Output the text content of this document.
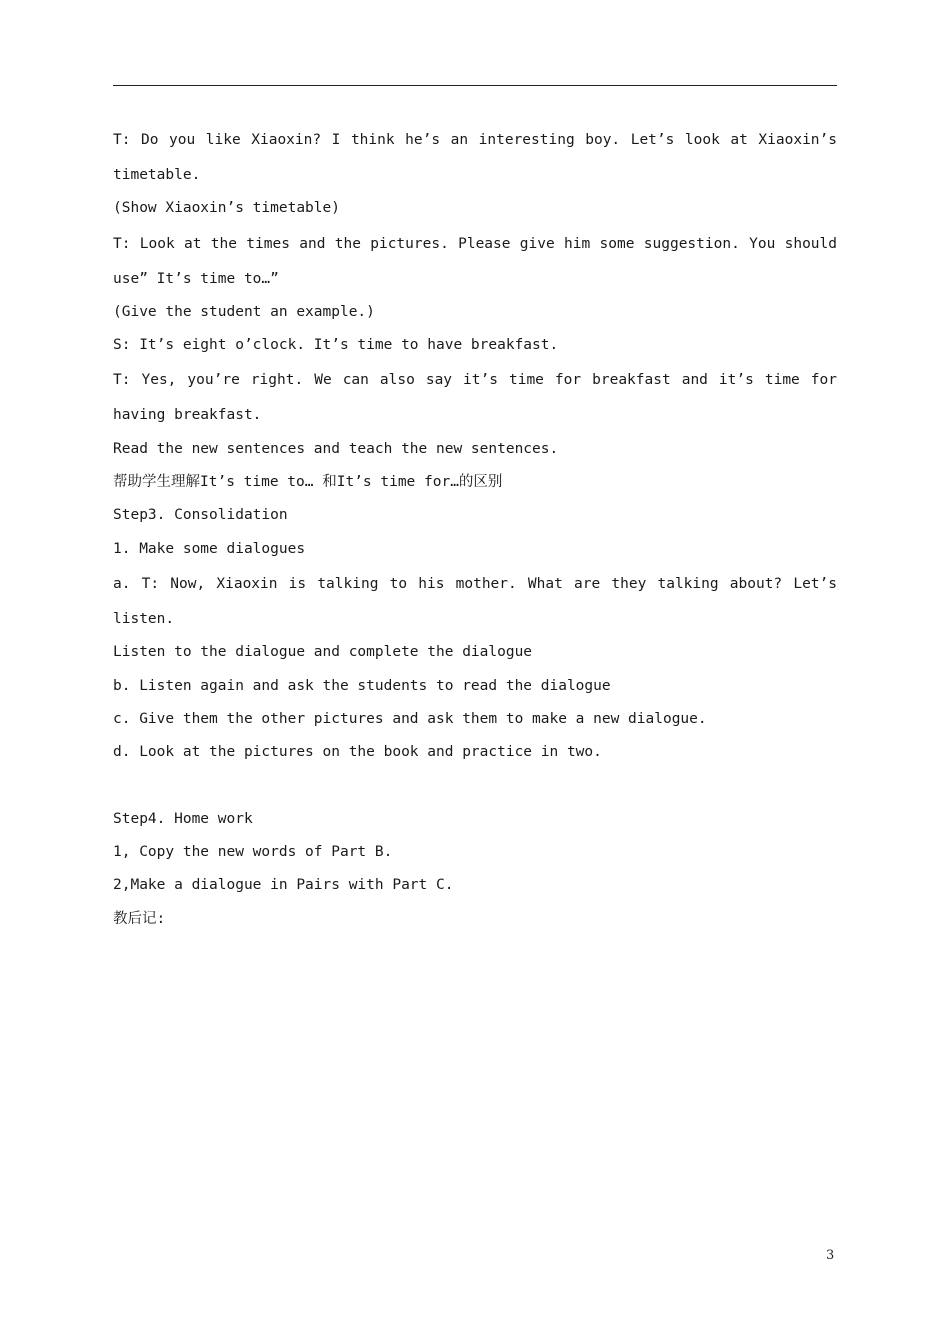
T: Do you like Xiaoxin? I think he’s an interesting boy. Let’s look at Xiaoxin’s
timetable.
(Show Xiaoxin’s timetable)
T: Look at the times and the pictures. Please give him some suggestion. You should
use” It’s time to…”
(Give the student an example.)
S: It’s eight o’clock. It’s time to have breakfast.
T: Yes, you’re right. We can also say it’s time for breakfast and it’s time for
having breakfast.
Read the new sentences and teach the new sentences.
帮助学生理解It’s time to… 和It’s time for…的区别
Step3. Consolidation
1. Make some dialogues
a. T: Now, Xiaoxin is talking to his mother. What are they talking about? Let’s
listen.
Listen to the dialogue and complete the dialogue
b. Listen again and ask the students to read the dialogue
c. Give them the other pictures and ask them to make a new dialogue.
d. Look at the pictures on the book and practice in two.
Step4. Home work
1, Copy the new words of Part B.
2,Make a dialogue in Pairs with Part C.
教后记:
3
